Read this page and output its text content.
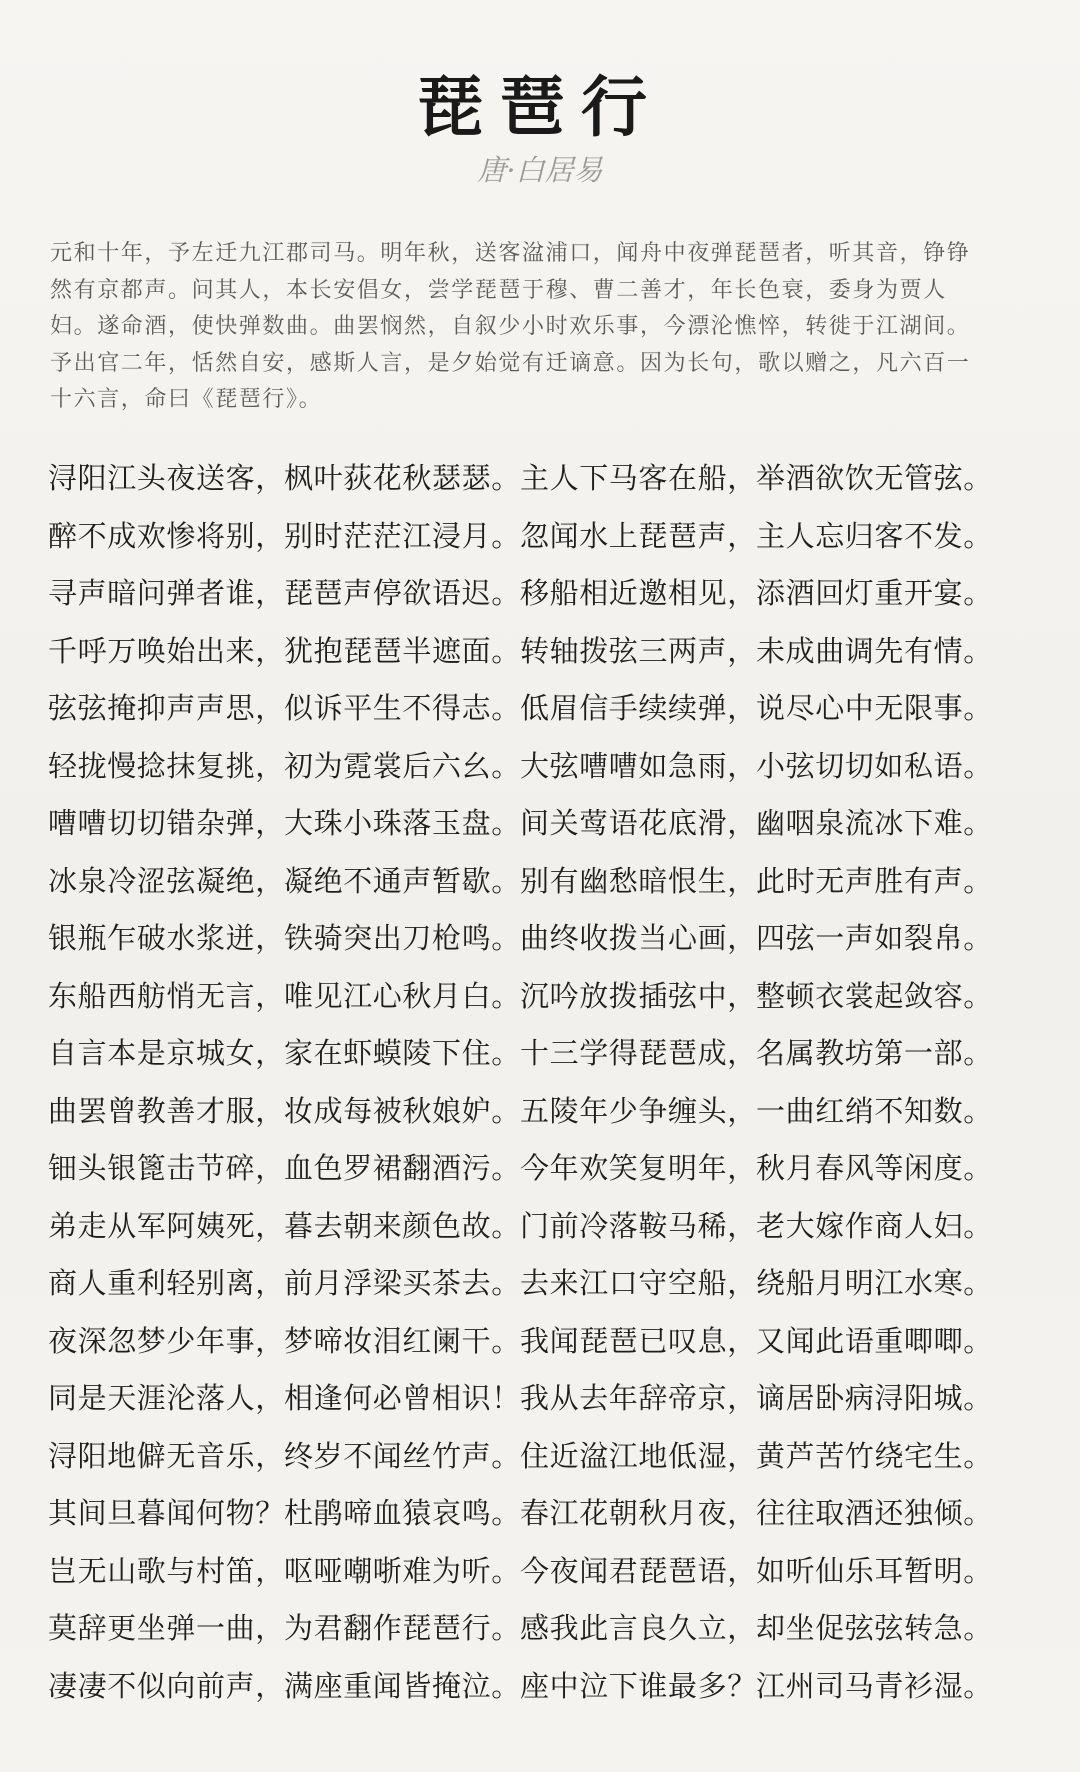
琵琶行
唐·白居易
元和十年，予左迁九江郡司马。明年秋，送客湓浦口，闻舟中夜弹琵琶者，听其音，铮铮然有京都声。问其人，本长安倡女，尝学琵琶于穆、曹二善才，年长色衰，委身为贾人妇。遂命酒，使快弹数曲。曲罢悯然，自叙少小时欢乐事，今漂沦憔悴，转徙于江湖间。予出官二年，恬然自安，感斯人言，是夕始觉有迁谪意。因为长句，歌以赠之，凡六百一十六言，命曰《琵琶行》。
浔阳江头夜送客， 枫叶荻花秋瑟瑟。 主人下马客在船， 举酒欲饮无管弦。
醉不成欢惨将别， 别时茫茫江浸月。 忽闻水上琵琶声， 主人忘归客不发。
寻声暗问弹者谁， 琵琶声停欲语迟。 移船相近邀相见， 添酒回灯重开宴。
千呼万唤始出来， 犹抱琵琶半遮面。 转轴拨弦三两声， 未成曲调先有情。
弦弦掩抑声声思， 似诉平生不得志。 低眉信手续续弹， 说尽心中无限事。
轻拢慢捻抹复挑， 初为霓裳后六幺。 大弦嘈嘈如急雨， 小弦切切如私语。
嘈嘈切切错杂弹， 大珠小珠落玉盘。 间关莺语花底滑， 幽咽泉流冰下难。
冰泉冷涩弦凝绝， 凝绝不通声暂歇。 别有幽愁暗恨生， 此时无声胜有声。
银瓶乍破水浆迸， 铁骑突出刀枪鸣。 曲终收拨当心画， 四弦一声如裂帛。
东船西舫悄无言， 唯见江心秋月白。 沉吟放拨插弦中， 整顿衣裳起敛容。
自言本是京城女， 家在虾蟆陵下住。 十三学得琵琶成， 名属教坊第一部。
曲罢曾教善才服， 妆成每被秋娘妒。 五陵年少争缠头， 一曲红绡不知数。
钿头银篦击节碎， 血色罗裙翻酒污。 今年欢笑复明年， 秋月春风等闲度。
弟走从军阿姨死， 暮去朝来颜色故。 门前冷落鞍马稀， 老大嫁作商人妇。
商人重利轻别离， 前月浮梁买茶去。 去来江口守空船， 绕船月明江水寒。
夜深忽梦少年事， 梦啼妆泪红阑干。 我闻琵琶已叹息， 又闻此语重唧唧。
同是天涯沦落人， 相逢何必曾相识！ 我从去年辞帝京， 谪居卧病浔阳城。
浔阳地僻无音乐， 终岁不闻丝竹声。 住近湓江地低湿， 黄芦苦竹绕宅生。
其间旦暮闻何物？ 杜鹃啼血猿哀鸣。 春江花朝秋月夜， 往往取酒还独倾。
岂无山歌与村笛， 呕哑嘲哳难为听。 今夜闻君琵琶语， 如听仙乐耳暂明。
莫辞更坐弹一曲， 为君翻作琵琶行。 感我此言良久立， 却坐促弦弦转急。
凄凄不似向前声， 满座重闻皆掩泣。 座中泣下谁最多？ 江州司马青衫湿。
